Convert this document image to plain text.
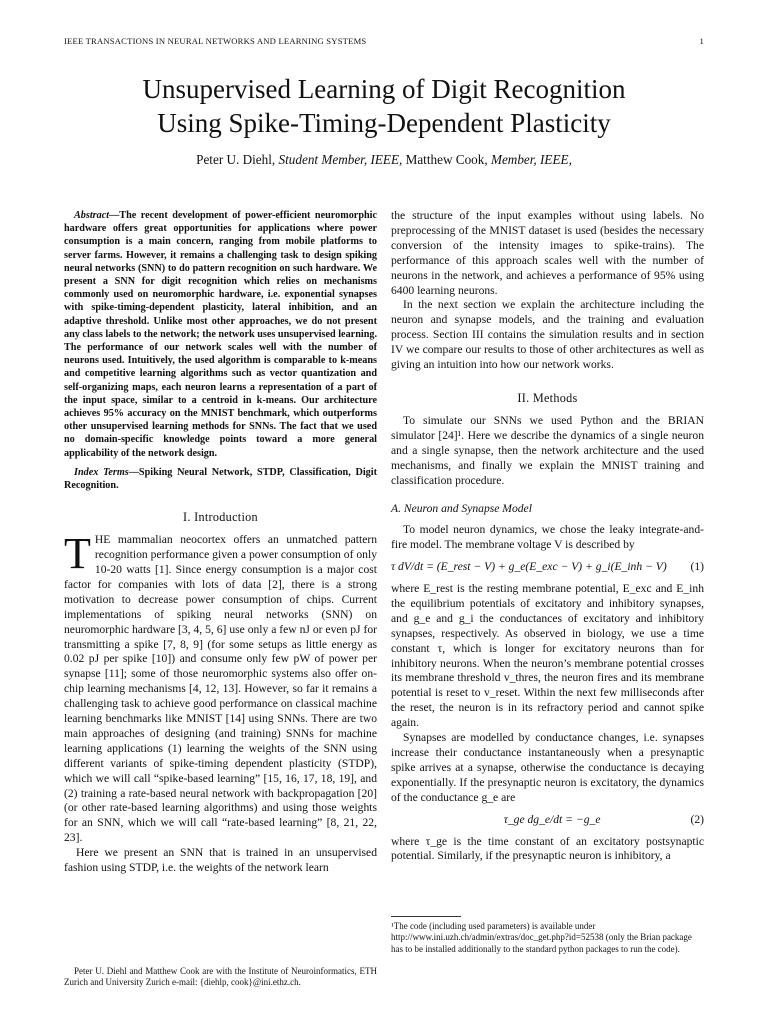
IEEE TRANSACTIONS IN NEURAL NETWORKS AND LEARNING SYSTEMS	1
Unsupervised Learning of Digit Recognition
Using Spike-Timing-Dependent Plasticity
Peter U. Diehl, Student Member, IEEE, Matthew Cook, Member, IEEE,

Abstract—The recent development of power-efficient neuromorphic hardware offers great opportunities for applications where power consumption is a main concern, ranging from mobile platforms to server farms. However, it remains a challenging task to design spiking neural networks (SNN) to do pattern recognition on such hardware. We present a SNN for digit recognition which relies on mechanisms commonly used on neuromorphic hardware, i.e. exponential synapses with spike-timing-dependent plasticity, lateral inhibition, and an adaptive threshold. Unlike most other approaches, we do not present any class labels to the network; the network uses unsupervised learning. The performance of our network scales well with the number of neurons used. Intuitively, the used algorithm is comparable to k-means and competitive learning algorithms such as vector quantization and self-organizing maps, each neuron learns a representation of a part of the input space, similar to a centroid in k-means. Our architecture achieves 95% accuracy on the MNIST benchmark, which outperforms other unsupervised learning methods for SNNs. The fact that we used no domain-specific knowledge points toward a more general applicability of the network design.

Index Terms—Spiking Neural Network, STDP, Classification, Digit Recognition.

I. Introduction

THE mammalian neocortex offers an unmatched pattern recognition performance given a power consumption of only 10-20 watts [1]. Since energy consumption is a major cost factor for companies with lots of data [2], there is a strong motivation to decrease power consumption of chips. Current implementations of spiking neural networks (SNN) on neuromorphic hardware [3, 4, 5, 6] use only a few nJ or even pJ for transmitting a spike [7, 8, 9] (for some setups as little energy as 0.02 pJ per spike [10]) and consume only few pW of power per synapse [11]; some of those neuromorphic systems also offer on-chip learning mechanisms [4, 12, 13]. However, so far it remains a challenging task to achieve good performance on classical machine learning benchmarks like MNIST [14] using SNNs. There are two main approaches of designing (and training) SNNs for machine learning applications (1) learning the weights of the SNN using different variants of spike-timing dependent plasticity (STDP), which we will call “spike-based learning” [15, 16, 17, 18, 19], and (2) training a rate-based neural network with backpropagation [20] (or other rate-based learning algorithms) and using those weights for an SNN, which we will call “rate-based learning” [8, 21, 22, 23].

Here we present an SNN that is trained in an unsupervised fashion using STDP, i.e. the weights of the network learn

Peter U. Diehl and Matthew Cook are with the Institute of Neuroinformatics, ETH Zurich and University Zurich e-mail: {diehlp, cook}@ini.ethz.ch.

the structure of the input examples without using labels. No preprocessing of the MNIST dataset is used (besides the necessary conversion of the intensity images to spike-trains). The performance of this approach scales well with the number of neurons in the network, and achieves a performance of 95% using 6400 learning neurons.

In the next section we explain the architecture including the neuron and synapse models, and the training and evaluation process. Section III contains the simulation results and in section IV we compare our results to those of other architectures as well as giving an intuition into how our network works.

II. Methods

To simulate our SNNs we used Python and the BRIAN simulator [24]¹. Here we describe the dynamics of a single neuron and a single synapse, then the network architecture and the used mechanisms, and finally we explain the MNIST training and classification procedure.

A. Neuron and Synapse Model

To model neuron dynamics, we chose the leaky integrate-and-fire model. The membrane voltage V is described by

τ dV/dt = (E_rest − V) + g_e(E_exc − V) + g_i(E_inh − V) (1)

where E_rest is the resting membrane potential, E_exc and E_inh the equilibrium potentials of excitatory and inhibitory synapses, and g_e and g_i the conductances of excitatory and inhibitory synapses, respectively. As observed in biology, we use a time constant τ, which is longer for excitatory neurons than for inhibitory neurons. When the neuron’s membrane potential crosses its membrane threshold v_thres, the neuron fires and its membrane potential is reset to v_reset. Within the next few milliseconds after the reset, the neuron is in its refractory period and cannot spike again.

Synapses are modelled by conductance changes, i.e. synapses increase their conductance instantaneously when a presynaptic spike arrives at a synapse, otherwise the conductance is decaying exponentially. If the presynaptic neuron is excitatory, the dynamics of the conductance g_e are

τ_ge dg_e/dt = −g_e	(2)

where τ_ge is the time constant of an excitatory postsynaptic potential. Similarly, if the presynaptic neuron is inhibitory, a

¹The code (including used parameters) is available under http://www.ini.uzh.ch/admin/extras/doc_get.php?id=52538 (only the Brian package has to be installed additionally to the standard python packages to run the code).
